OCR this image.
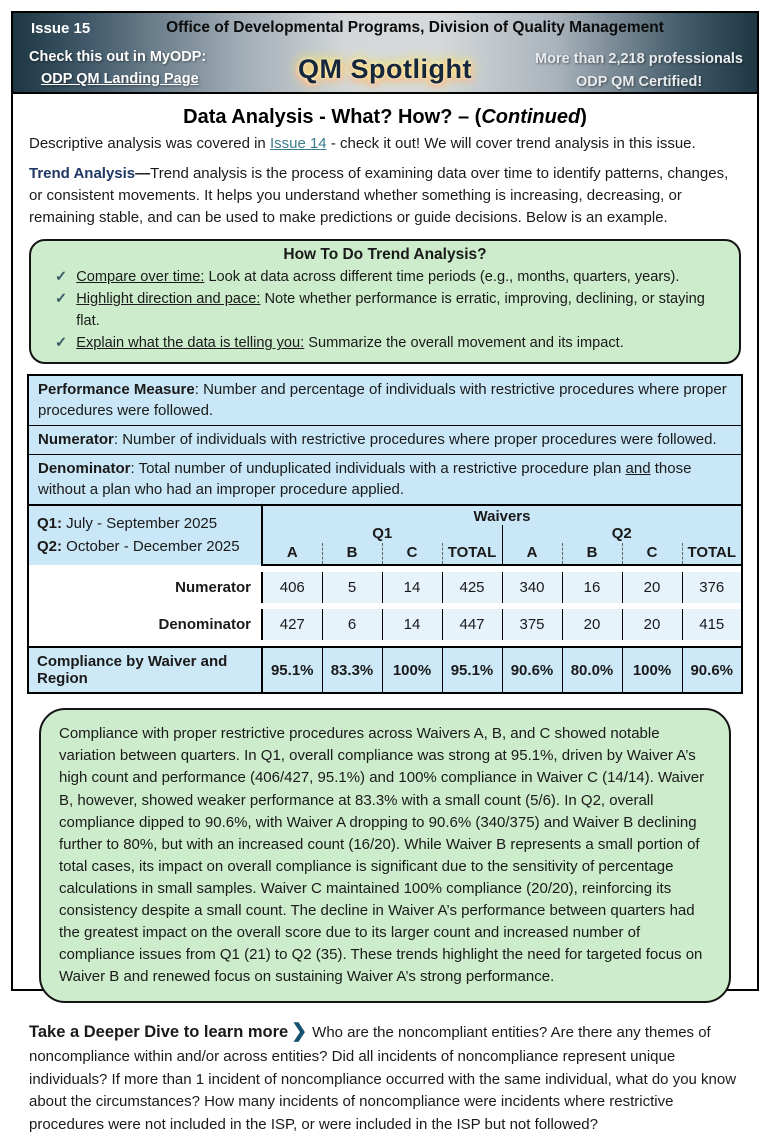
Issue 15	Office of Developmental Programs, Division of Quality Management
Check this out in MyODP:
ODP QM Landing Page	QM Spotlight	More than 2,218 professionals
ODP QM Certified!
Data Analysis - What? How? – (Continued)
Descriptive analysis was covered in Issue 14 - check it out! We will cover trend analysis in this issue.
Trend Analysis—Trend analysis is the process of examining data over time to identify patterns, changes, or consistent movements. It helps you understand whether something is increasing, decreasing, or remaining stable, and can be used to make predictions or guide decisions. Below is an example.
How To Do Trend Analysis?
✓ Compare over time: Look at data across different time periods (e.g., months, quarters, years).
✓ Highlight direction and pace: Note whether performance is erratic, improving, declining, or staying flat.
✓ Explain what the data is telling you: Summarize the overall movement and its impact.
Performance Measure: Number and percentage of individuals with restrictive procedures where proper procedures were followed.
Numerator: Number of individuals with restrictive procedures where proper procedures were followed.
Denominator: Total number of unduplicated individuals with a restrictive procedure plan and those without a plan who had an improper procedure applied.
Q1: July - September 2025
Q2: October - December 2025	Waivers							
	Q1				Q2			
	A	B	C	TOTAL	A	B	C	TOTAL

Numerator	406	5	14	425	340	16	20	376

Denominator	427	6	14	447	375	20	20	415

Compliance by Waiver and Region	95.1%	83.3%	100%	95.1%	90.6%	80.0%	100%	90.6%
Compliance with proper restrictive procedures across Waivers A, B, and C showed notable variation between quarters. In Q1, overall compliance was strong at 95.1%, driven by Waiver A’s high count and performance (406/427, 95.1%) and 100% compliance in Waiver C (14/14). Waiver B, however, showed weaker performance at 83.3% with a small count (5/6). In Q2, overall compliance dipped to 90.6%, with Waiver A dropping to 90.6% (340/375) and Waiver B declining further to 80%, but with an increased count (16/20). While Waiver B represents a small portion of total cases, its impact on overall compliance is significant due to the sensitivity of percentage calculations in small samples. Waiver C maintained 100% compliance (20/20), reinforcing its consistency despite a small count. The decline in Waiver A’s performance between quarters had the greatest impact on the overall score due to its larger count and increased number of compliance issues from Q1 (21) to Q2 (35). These trends highlight the need for targeted focus on Waiver B and renewed focus on sustaining Waiver A’s strong performance.
Take a Deeper Dive to learn more ❯ Who are the noncompliant entities? Are there any themes of noncompliance within and/or across entities? Did all incidents of noncompliance represent unique individuals? If more than 1 incident of noncompliance occurred with the same individual, what do you know about the circumstances? How many incidents of noncompliance were incidents where restrictive procedures were not included in the ISP, or were included in the ISP but not followed?
